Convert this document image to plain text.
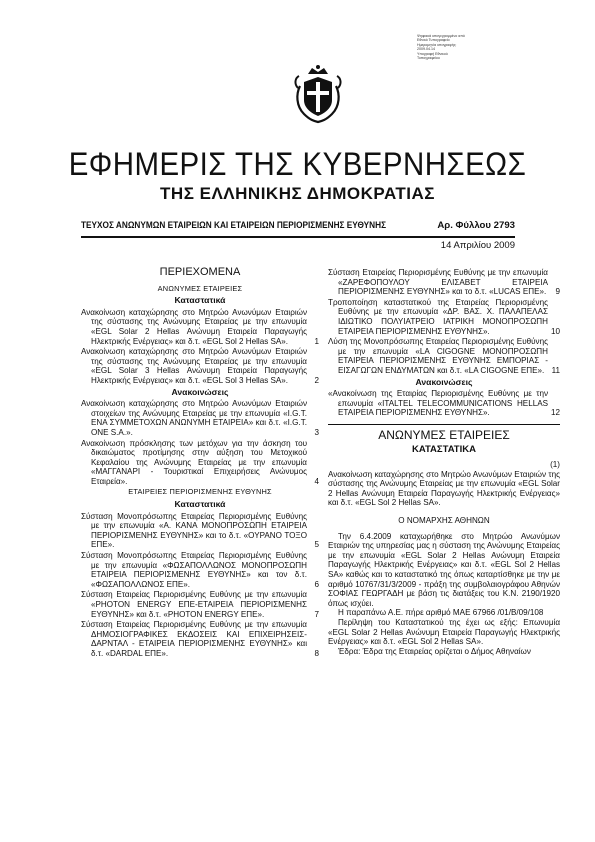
Ψηφιακά υπογεγραμμένο από
Εθνικό Τυπογραφείο
Ημερομηνία υπογραφής:
2009.04.14
Υπογραφή Εθνικού
Τυπογραφείου
ΕΦΗΜΕΡΙΣ ΤΗΣ ΚΥΒΕΡΝΗΣΕΩΣ
ΤΗΣ ΕΛΛΗΝΙΚΗΣ ΔΗΜΟΚΡΑΤΙΑΣ
ΤΕΥΧΟΣ ΑΝΩΝΥΜΩΝ ΕΤΑΙΡΕΙΩΝ ΚΑΙ ΕΤΑΙΡΕΙΩΝ ΠΕΡΙΟΡΙΣΜΕΝΗΣ ΕΥΘΥΝΗΣ	Αρ. Φύλλου 2793
14 Απριλίου 2009
ΠΕΡΙΕΧΟΜΕΝΑ
ΑΝΩΝΥΜΕΣ ΕΤΑΙΡΕΙΕΣ
Καταστατικά
Ανακοίνωση καταχώρησης στο Μητρώο Ανωνύμων Εταιριών της σύστασης της Ανώνυμης Εταιρείας με την επωνυμία «EGL Solar 2 Hellas Ανώνυμη Εταιρεία Παραγωγής Ηλεκτρικής Ενέργειας» και δ.τ. «EGL Sol 2 Hellas SA».	1
Ανακοίνωση καταχώρησης στο Μητρώο Ανωνύμων Εταιριών της σύστασης της Ανώνυμης Εταιρείας με την επωνυμία «EGL Solar 3 Hellas Ανώνυμη Εταιρεία Παραγωγής Ηλεκτρικής Ενέργειας» και δ.τ. «EGL Sol 3 Hellas SA».	2
Ανακοινώσεις
Ανακοίνωση καταχώρησης στο Μητρώο Ανωνύμων Εταιριών στοιχείων της Ανώνυμης Εταιρείας με την επωνυμία «I.G.T. ΕΝΑ ΣΥΜΜΕΤΟΧΩΝ ΑΝΩΝΥΜΗ ΕΤΑΙΡΕΙΑ» και δ.τ. «I.G.T. ONE S.A.».	3
Ανακοίνωση πρόσκλησης των μετόχων για την άσκηση του δικαιώματος προτίμησης στην αύξηση του Μετοχικού Κεφαλαίου της Ανώνυμης Εταιρείας με την επωνυμία «ΜΑΓΓΑΝΑΡΙ - Τουριστικαί Επιχειρήσεις Ανώνυμος Εταιρεία».	4
ΕΤΑΙΡΕΙΕΣ ΠΕΡΙΟΡΙΣΜΕΝΗΣ ΕΥΘΥΝΗΣ
Καταστατικά
Σύσταση Μονοπρόσωπης Εταιρείας Περιορισμένης Ευθύνης με την επωνυμία «Α. ΚΑΝΑ ΜΟΝΟΠΡΟΣΩΠΗ ΕΤΑΙΡΕΙΑ ΠΕΡΙΟΡΙΣΜΕΝΗΣ ΕΥΘΥΝΗΣ» και το δ.τ. «ΟΥΡΑΝΟ ΤΟΞΟ ΕΠΕ».	5
Σύσταση Μονοπρόσωπης Εταιρείας Περιορισμένης Ευθύνης με την επωνυμία «ΦΩΣΑΠΟΛΛΩΝΟΣ ΜΟΝΟΠΡΟΣΩΠΗ ΕΤΑΙΡΕΙΑ ΠΕΡΙΟΡΙΣΜΕΝΗΣ ΕΥΘΥΝΗΣ» και τον δ.τ. «ΦΩΣΑΠΟΛΛΩΝΟΣ ΕΠΕ».	6
Σύσταση Εταιρείας Περιορισμένης Ευθύνης με την επωνυμία «PHOTON ENERGY ΕΠΕ-ΕΤΑΙΡΕΙΑ ΠΕΡΙΟΡΙΣΜΕΝΗΣ ΕΥΘΥΝΗΣ» και δ.τ. «PHOTON ENERGY ΕΠΕ».	7
Σύσταση Εταιρείας Περιορισμένης Ευθύνης με την επωνυμία ΔΗΜΟΣΙΟΓΡΑΦΙΚΕΣ ΕΚΔΟΣΕΙΣ ΚΑΙ ΕΠΙΧΕΙΡΗΣΕΙΣ- ΔΑΡΝΤΑΛ - ΕΤΑΙΡΕΙΑ ΠΕΡΙΟΡΙΣΜΕΝΗΣ ΕΥΘΥΝΗΣ» και δ.τ. «DARDAL ΕΠΕ».	8
Σύσταση Εταιρείας Περιορισμένης Ευθύνης με την επωνυμία «ΖΑΡΕΦΟΠΟΥΛΟΥ ΕΛΙΣΑΒΕΤ ΕΤΑΙΡΕΙΑ ΠΕΡΙΟΡΙΣΜΕΝΗΣ ΕΥΘΥΝΗΣ» και το δ.τ. «LUCAS ΕΠΕ». 9
Τροποποίηση καταστατικού της Εταιρείας Περιορισμένης Ευθύνης με την επωνυμία «ΔΡ. ΒΑΣ. Χ. ΠΑΛΑΠΕΛΑΣ ΙΔΙΩΤΙΚΟ ΠΟΛΥΙΑΤΡΕΙΟ ΙΑΤΡΙΚΗ ΜΟΝΟΠΡΟΣΩΠΗ ΕΤΑΙΡΕΙΑ ΠΕΡΙΟΡΙΣΜΕΝΗΣ ΕΥΘΥΝΗΣ».	10
Λύση της Μονοπρόσωπης Εταιρείας Περιορισμένης Ευθύνης με την επωνυμία «LA CIGOGNE ΜΟΝΟΠΡΟΣΩΠΗ ΕΤΑΙΡΕΙΑ ΠΕΡΙΟΡΙΣΜΕΝΗΣ ΕΥΘΥΝΗΣ ΕΜΠΟΡΙΑΣ - ΕΙΣΑΓΩΓΩΝ ΕΝΔΥΜΑΤΩΝ και δ.τ. «LA CIGOGNE ΕΠΕ». 11
Ανακοινώσεις
«Ανακοίνωση της Εταιρίας Περιορισμένης Ευθύνης με την επωνυμία «ITALTEL TELECOMMUNICATIONS HELLAS ΕΤΑΙΡΕΙΑ ΠΕΡΙΟΡΙΣΜΕΝΗΣ ΕΥΘΥΝΗΣ».	12
ΑΝΩΝΥΜΕΣ ΕΤΑΙΡΕΙΕΣ
ΚΑΤΑΣΤΑΤΙΚΑ
(1)
Ανακοίνωση καταχώρησης στο Μητρώο Ανωνύμων Εταιριών της σύστασης της Ανώνυμης Εταιρείας με την επωνυμία «EGL Solar 2 Hellas Ανώνυμη Εταιρεία Παραγωγής Ηλεκτρικής Ενέργειας» και δ.τ. «EGL Sol 2 Hellas SA».
Ο ΝΟΜΑΡΧΗΣ ΑΘΗΝΩΝ
Την 6.4.2009 καταχωρήθηκε στο Μητρώο Ανωνύμων Εταιριών της υπηρεσίας μας η σύσταση της Ανώνυμης Εταιρείας με την επωνυμία «EGL Solar 2 Hellas Ανώνυμη Εταιρεία Παραγωγής Ηλεκτρικής Ενέργειας» και δ.τ. «EGL Sol 2 Hellas SA» καθώς και το καταστατικό της όπως καταρτίσθηκε με την με αριθμό 10767/31/3/2009 - πράξη της συμβολαιογράφου Αθηνών ΣΟΦΙΑΣ ΓΕΩΡΓΑΔΗ με βάση τις διατάξεις του Κ.Ν. 2190/1920 όπως ισχύει.
Η παραπάνω Α.Ε. πήρε αριθμό ΜΑΕ 67966 /01/Β/09/108
Περίληψη του Καταστατικού της έχει ως εξής: Επωνυμία «EGL Solar 2 Hellas Ανώνυμη Εταιρεία Παραγωγής Ηλεκτρικής Ενέργειας» και δ.τ. «EGL Sol 2 Hellas SA».
Έδρα: Έδρα της Εταιρείας ορίζεται ο Δήμος Αθηναίων
